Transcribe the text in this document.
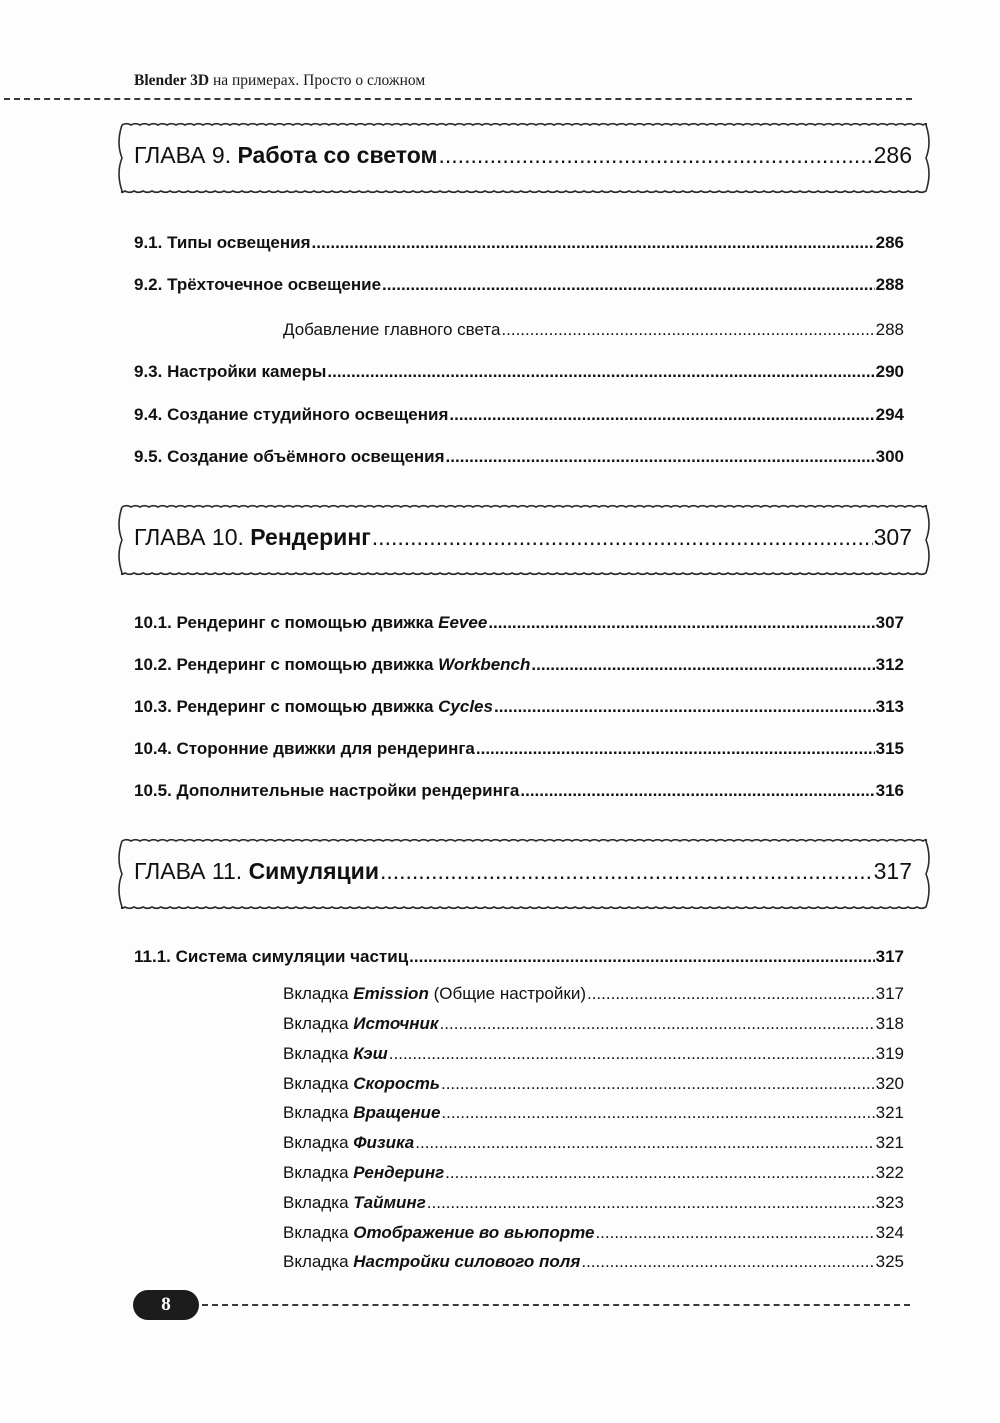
Blender 3D на примерах. Просто о сложном
ГЛАВА 9. Работа со светом .....	286
9.1. Типы освещения .....	286
9.2. Трёхточечное освещение .....	288
Добавление главного света .....	288
9.3. Настройки камеры .....	290
9.4. Создание студийного освещения .....	294
9.5. Создание объёмного освещения .....	300
ГЛАВА 10. Рендеринг .....	307
10.1. Рендеринг с помощью движка Eevee .....	307
10.2. Рендеринг с помощью движка Workbench .....	312
10.3. Рендеринг с помощью движка Cycles .....	313
10.4. Сторонние движки для рендеринга .....	315
10.5. Дополнительные настройки рендеринга .....	316
ГЛАВА 11. Симуляции .....	317
11.1. Система симуляции частиц .....	317
Вкладка Emission (Общие настройки) .....	317
Вкладка Источник .....	318
Вкладка Кэш .....	319
Вкладка Скорость .....	320
Вкладка Вращение .....	321
Вкладка Физика .....	321
Вкладка Рендеринг .....	322
Вкладка Тайминг .....	323
Вкладка Отображение во вьюпорте .....	324
Вкладка Настройки силового поля .....	325
8
